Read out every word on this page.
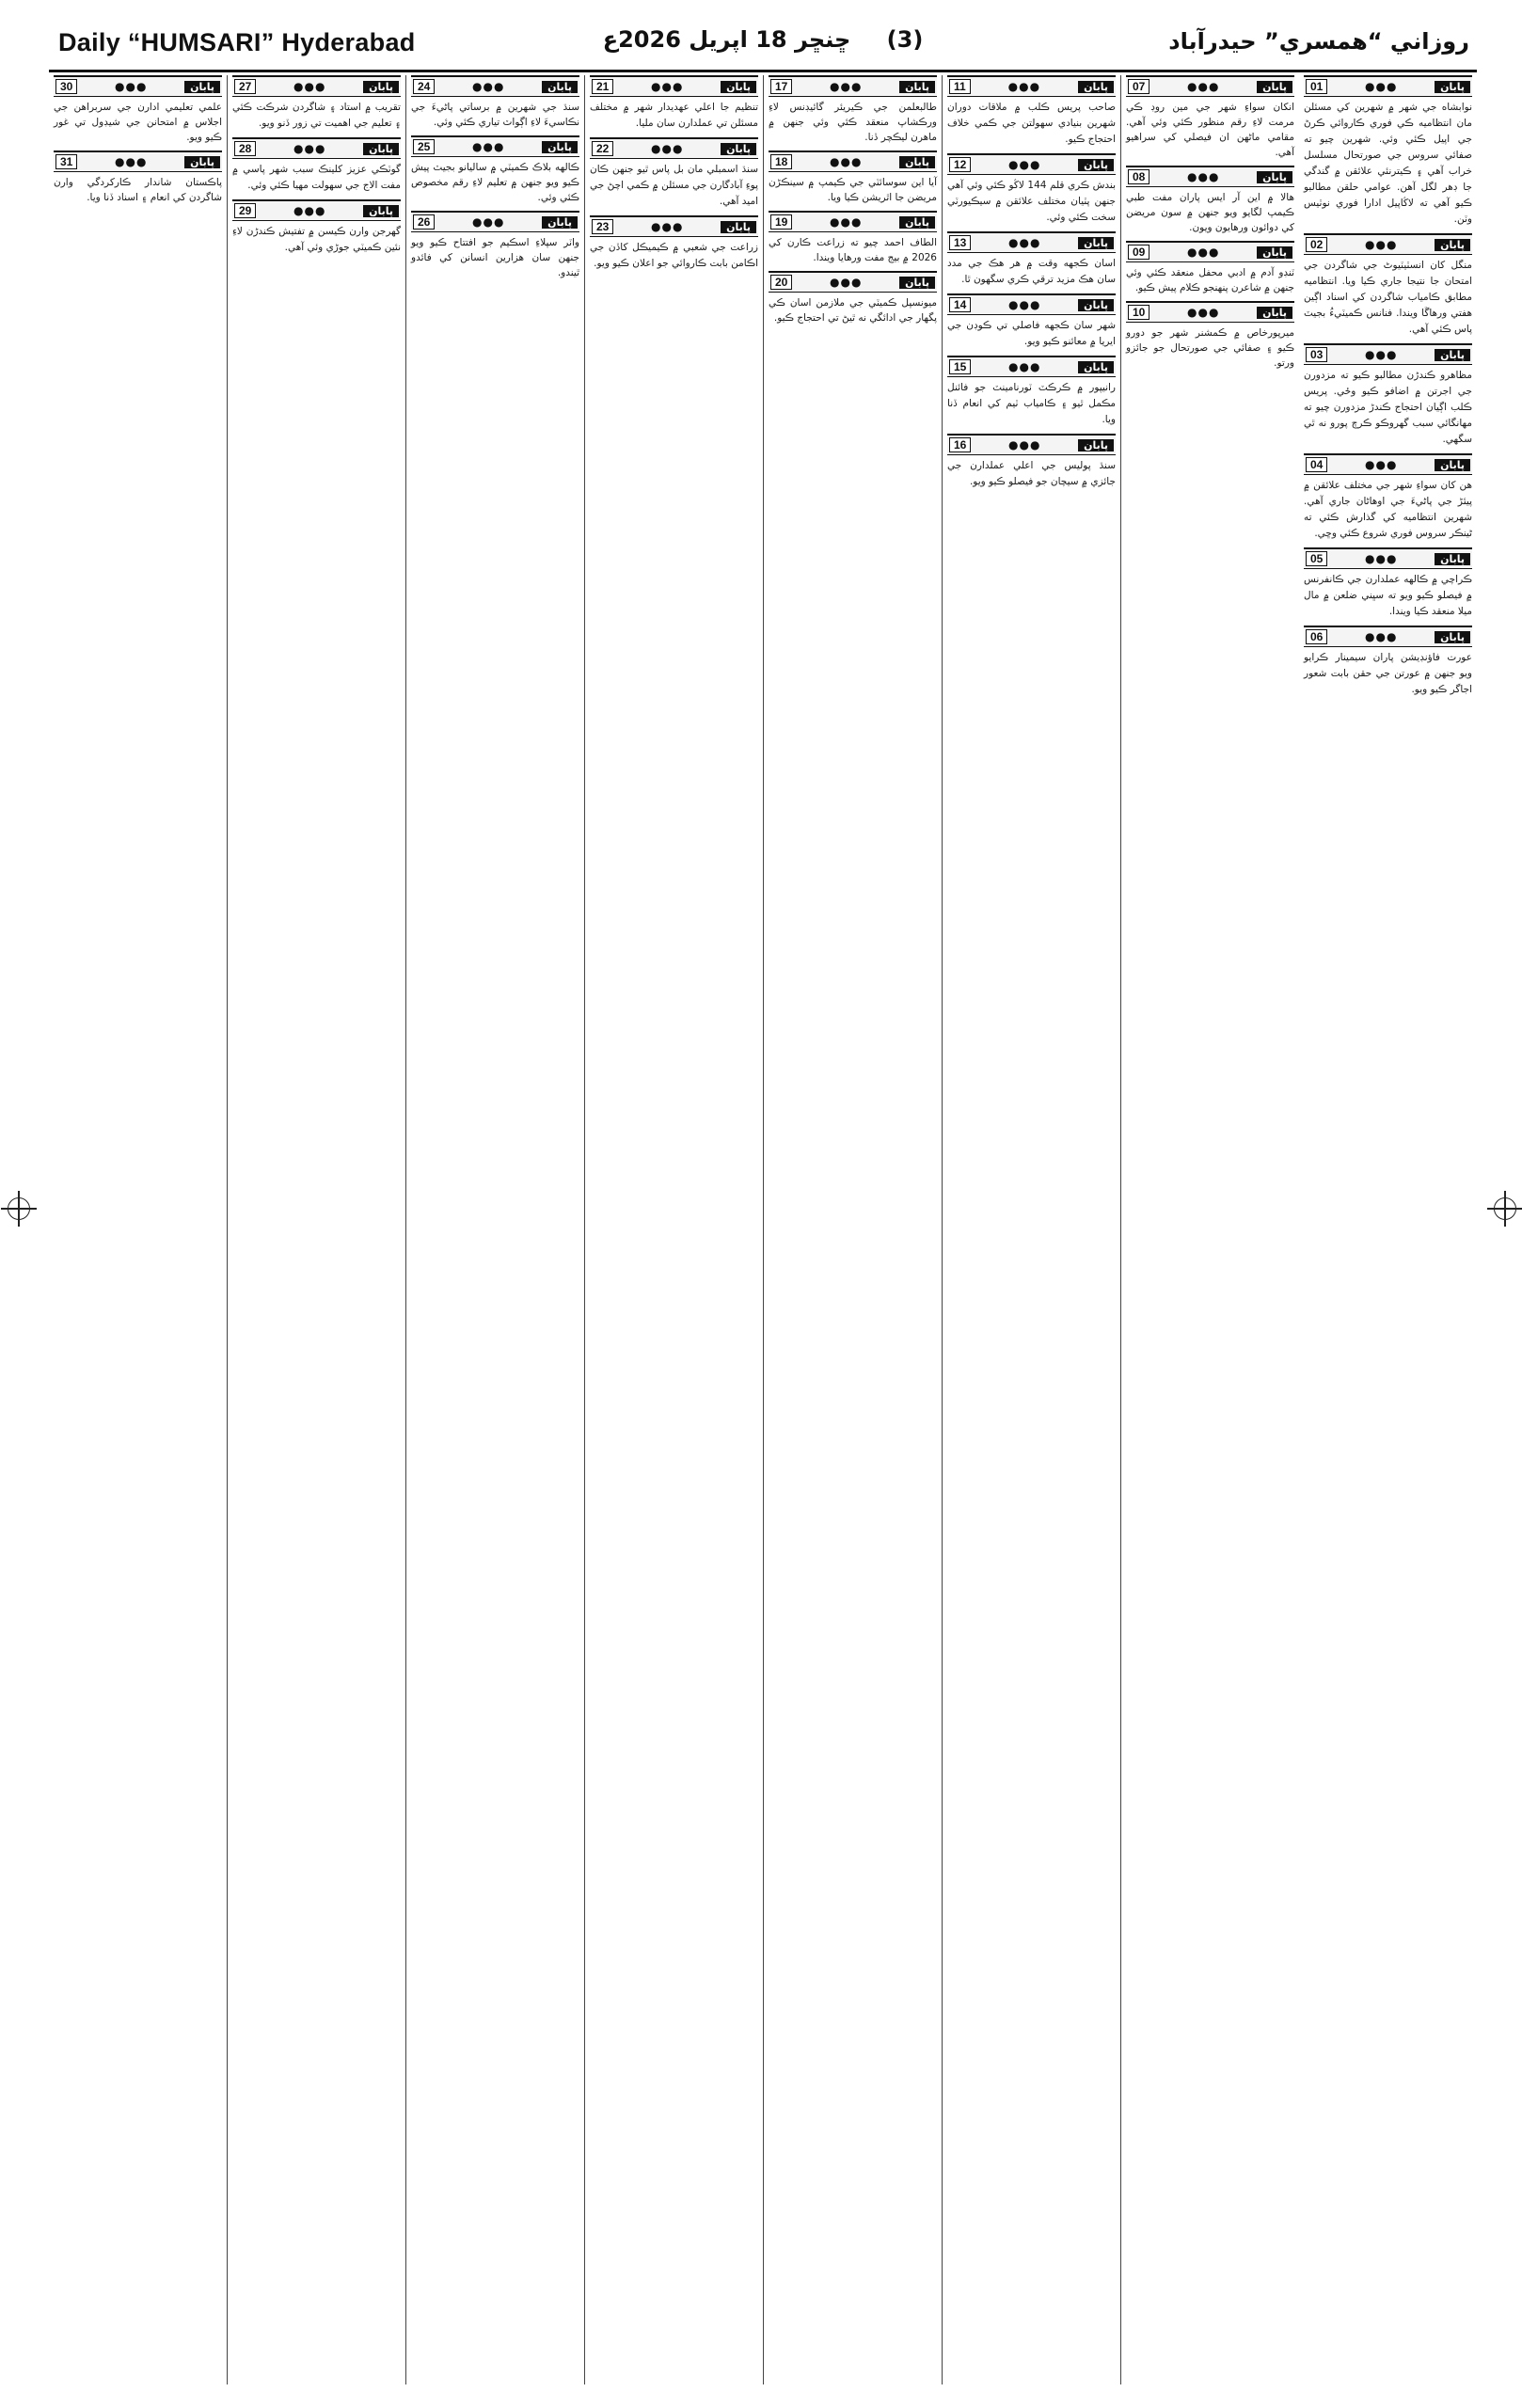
Daily “HUMSARI” Hyderabad	(3) ڇنڇر 18 اپريل 2026ع	روزاني “همسري” حيدرآباد
01	●●●	پابان

نوابشاه جي شهر ۾ شهرين کي مسئلن مان انتظاميه ڪي فوري ڪاروائي ڪرڻ جي اپيل ڪئي وئي. شهرين چيو ته صفائي سروس جي صورتحال مسلسل خراب آهي ۽ ڪيترنئي علائقن ۾ گندگي جا ڊھر لگل آهن. عوامي حلقن مطالبو ڪيو آهي ته لاڭاپيل ادارا فوري نوٽيس وٽن.

02	●●●	پابان

منگل کان انسٽيٽيوٹ جي شاگردن جي امتحان جا نتيجا جاري ڪيا ويا. انتظاميه مطابق ڪامياب شاگردن کي اسناد اڳين هفتي ورهاڱا ويندا. فنانس ڪميٽيءُ بجيٽ پاس ڪئي آهي.

03	●●●	پابان

مظاهرو ڪندڑن مطالبو ڪيو ته مزدورن جي اجرتن ۾ اضافو ڪيو وځي. پريس ڪلب اڳيان احتجاج ڪندڑ مزدورن چيو ته مهانگائي سبب گهروڪو ڪرچ پورو نه ٿي سگهي.

04	●●●	پابان

هن کان سواءِ شهر جي مختلف علائقن ۾ پيئڑ جي پاڻيءَ جي اوھاڻان جاري آهي. شهرين انتظاميه کي گذارش ڪئي ته ٹينڪر سروس فوري شروع ڪئي وڇي.

05	●●●	پابان

ڪراچي ۾ ڪالهه عملدارن جي ڪانفرنس ۾ فيصلو ڪيو ويو ته سڀني ضلعن ۾ مال ميلا منعقد ڪيا ويندا.

06	●●●	پابان

عورت فاؤنڊيشن پاران سيمينار ڪرايو ويو جنهن ۾ عورتن جي حقن بابت شعور اجاگر ڪيو ويو.

07	●●●	پابان

انكان سواءِ شهر جي مين روڊ ڪي مرمت لاءِ رقم منظور ڪئي وئي آهي. مقامي ماڻهن ان فيصلي کي سراهيو آهي.

08	●●●	پابان

هالا ۾ اين آر ايس پاران مفت طبي ڪيمپ لگايو ويو جنهن ۾ سون مريضن کي دوائون ورهايون ويون.

09	●●●	پابان

ٽنڊو آدم ۾ ادبي محفل منعقد ڪئي وئي جنهن ۾ شاعرن پنهنجو ڪلام پيش ڪيو.

10	●●●	پابان

ميرپورخاص ۾ ڪمشنر شهر جو دورو ڪيو ۽ صفائي جي صورتحال جو جائزو ورتو.

11	●●●	پابان

صاحب پريس ڪلب ۾ ملاقات دوران شهرين بنيادي سهولتن جي ڪمي خلاف احتجاج ڪيو.

12	●●●	پابان

بندش ڪري قلم 144 لاڭو ڪئي وئي آهي جنهن پٽيان مختلف علائقن ۾ سيڪيورٽي سخت ڪئي وئي.

13	●●●	پابان

اسان ڪجهه وقت ۾ هر هڪ جي مدد سان هڪ مزيد ترقي ڪري سگهون ٿا.

14	●●●	پابان

شهر سان ڪجهه فاصلي تي ڪوڊن جي ایريا ۾ معائنو ڪيو ويو.

15	●●●	پابان

رانيپور ۾ ڪرڪٽ ٽورنامينٽ جو فائنل مڪمل ٿيو ۽ ڪامياب ٽيم کي انعام ڏنا ويا.

16	●●●	پابان

سنڌ پوليس جي اعلي عملدارن جي جائزي ۾ سيچان جو فيصلو ڪيو ويو.

17	●●●	پابان

طالبعلمن جي ڪيريئر گائيڊنس لاءِ ورڪشاپ منعقد ڪئي وئي جنهن ۾ ماهرن ليڪچر ڏنا.

18	●●●	پابان

آيا اين سوسائٽي جي ڪيمپ ۾ سينڪڑن مريضن جا اٿريشن ڪيا ويا.

19	●●●	پابان

الطاف احمد چيو ته زراعت ڪارن کي 2026 ۾ بيج مفت ورهايا ويندا.

20	●●●	پابان

ميونسپل ڪميٽي جي ملازمن اسان ڪي پگهار جي ادائگي نه ٿيڻ تي احتجاج ڪيو.

21	●●●	پابان

تنظيم جا اعلي عهديدار شهر ۾ مختلف مسئلن تي عملدارن سان مليا.

22	●●●	پابان

سنڌ اسمبلي مان بل پاس ٿيو جنهن ڪان پوءِ آبادگارن جي مسئلن ۾ ڪمي اچڻ جي اميد آهي.

23	●●●	پابان

زراعت جي شعبي ۾ ڪيميڪل کاڏن جي اڪامن بابت ڪاروائي جو اعلان ڪيو ويو.

24	●●●	پابان

سنڌ جي شهرين ۾ برساتي پاڻيءَ جي نڪاسيءَ لاءِ اڳواٽ تياري ڪئي وئي.

25	●●●	پابان

ڪالهه بلاڪ ڪميٽي ۾ ساليانو بجيٽ پيش ڪيو ويو جنهن ۾ تعليم لاءِ رقم مخصوص ڪئي وئي.

26	●●●	پابان

واٽر سپلاءِ اسڪيم جو افتتاح ڪيو ويو جنهن سان هزارين انسانن کي فائدو ٿيندو.

27	●●●	پابان

تقريب ۾ استاد ۽ شاگردن شرڪت ڪئي ۽ تعليم جي اهميت تي زور ڏنو ويو.

28	●●●	پابان

گوٽڪي عزيز كلينڪ سبب شهر پاسي ۾ مفت الاج جي سهولت مهيا ڪئي وئي.

29	●●●	پابان

گهرجن وارن ڪيسن ۾ تفتيش ڪندڑن لاءِ نئين ڪميٽي جوڑي وئي آهي.

30	●●●	پابان

علمي تعليمي ادارن جي سربراهن جي اجلاس ۾ امتحانن جي شيڊول تي غور ڪيو ويو.

31	●●●	پابان

پاڪستان شاندار ڪارکردگي وارن شاگردن کي انعام ۽ اسناد ڏنا ويا.
